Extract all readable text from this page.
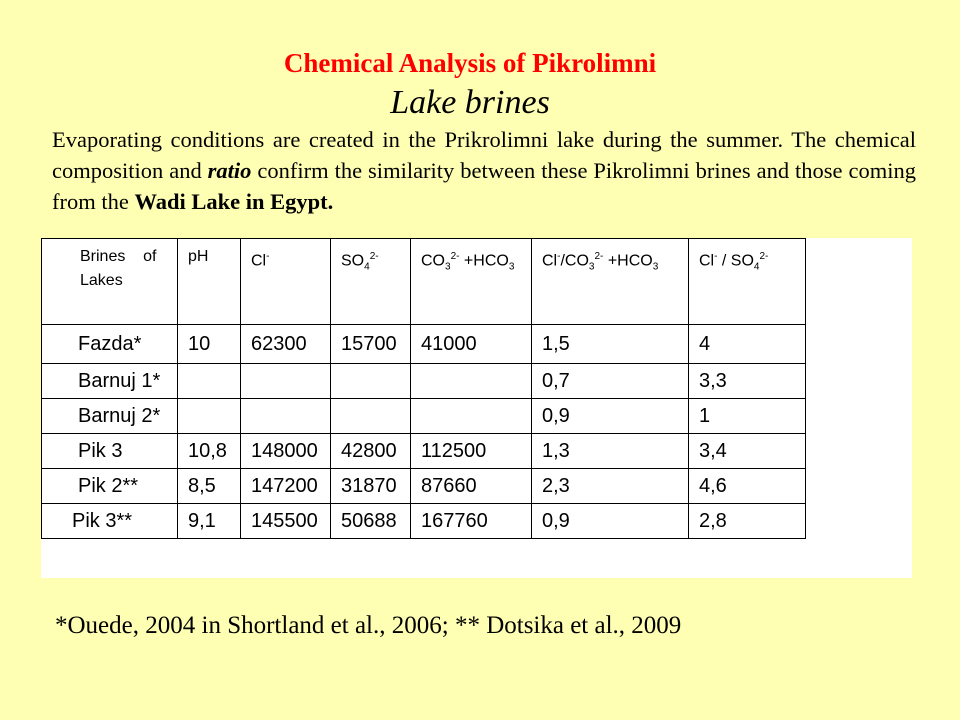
Chemical Analysis of Pikrolimni
Lake brines
Evaporating conditions are created in the Prikrolimni lake during the summer. The chemical composition and ratio confirm the similarity between these Pikrolimni brines and those coming from the Wadi Lake in Egypt.
Brines    of
Lakes	pH	Cl-	$SO_4^{2-}$	$CO_3^{2-} +HCO_3$	$Cl^-/CO_3^{2-} +HCO_3$	$Cl^- / SO_4^{2-}$
Fazda*	10	62300	15700	41000	1,5	4
Barnuj 1*					0,7	3,3
Barnuj 2*					0,9	1
Pik 3	10,8	148000	42800	112500	1,3	3,4
Pik 2**	8,5	147200	31870	87660	2,3	4,6
Pik 3**	9,1	145500	50688	167760	0,9	2,8
*Ouede, 2004 in Shortland et al., 2006; ** Dotsika et al., 2009
